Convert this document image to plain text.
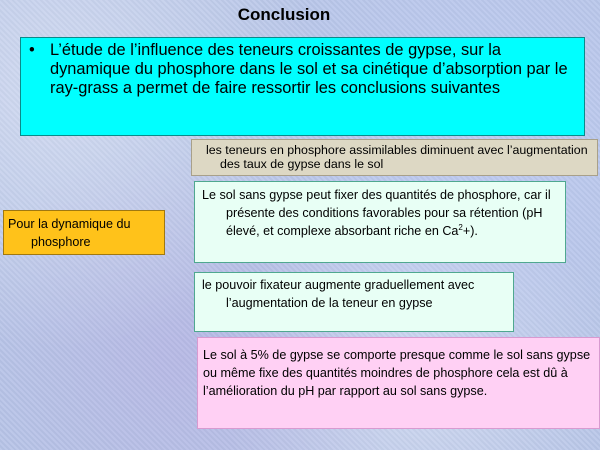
Conclusion
• L’étude de l’influence des teneurs croissantes de gypse, sur la dynamique du phosphore dans le sol et sa cinétique d’absorption par le ray-grass a permet de faire ressortir les conclusions suivantes
Pour la dynamique du phosphore
les teneurs en phosphore assimilables diminuent avec l’augmentation des taux de gypse dans le sol
Le sol sans gypse peut fixer des quantités de phosphore, car il présente des conditions favorables pour sa rétention (pH élevé, et complexe absorbant riche en $Ca^2+$).
le pouvoir fixateur augmente graduellement avec l’augmentation de la teneur en gypse
Le sol à 5% de gypse se comporte presque comme le sol sans gypse ou même fixe des quantités moindres de phosphore cela est dû à l’amélioration du pH par rapport au sol sans gypse.
